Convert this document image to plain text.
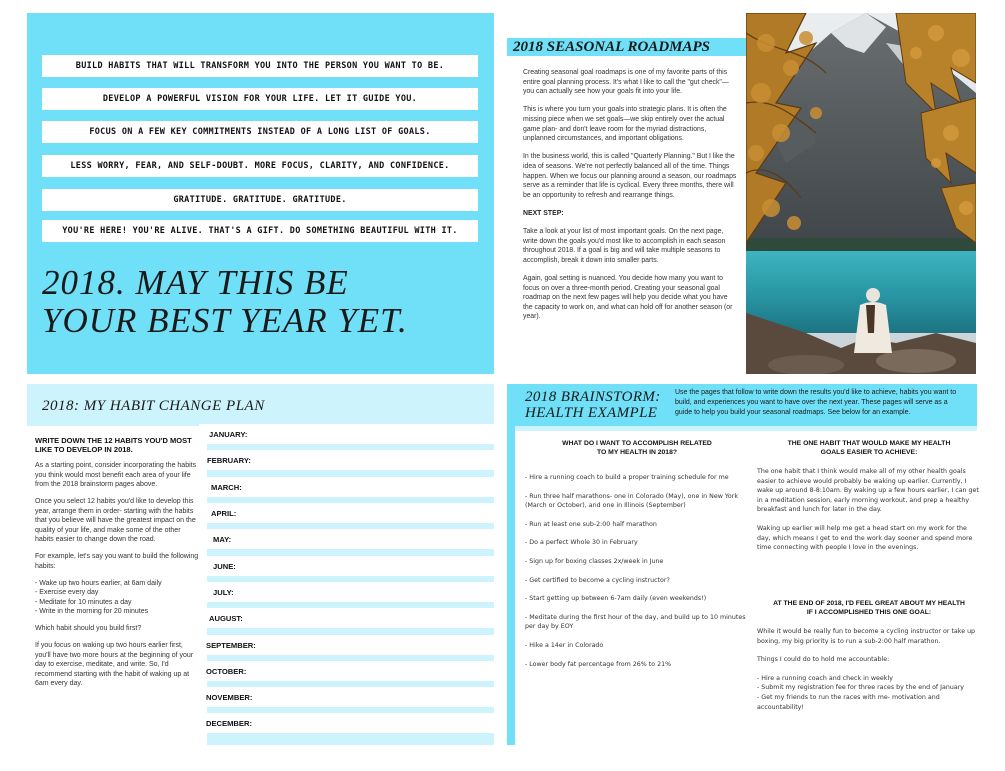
BUILD HABITS THAT WILL TRANSFORM YOU INTO THE PERSON YOU WANT TO BE.
DEVELOP A POWERFUL VISION FOR YOUR LIFE. LET IT GUIDE YOU.
FOCUS ON A FEW KEY COMMITMENTS INSTEAD OF A LONG LIST OF GOALS.
LESS WORRY, FEAR, AND SELF-DOUBT. MORE FOCUS, CLARITY, AND CONFIDENCE.
GRATITUDE. GRATITUDE. GRATITUDE.
YOU'RE HERE! YOU'RE ALIVE. THAT'S A GIFT. DO SOMETHING BEAUTIFUL WITH IT.
2018. MAY THIS BE
YOUR BEST YEAR YET.
2018 SEASONAL ROADMAPS

Creating seasonal goal roadmaps is one of my favorite parts of this entire goal planning process. It's what I like to call the "gut check"—you can actually see how your goals fit into your life.

This is where you turn your goals into strategic plans. It is often the missing piece when we set goals—we skip entirely over the actual game plan- and don't leave room for the myriad distractions, unplanned circumstances, and important obligations.

In the business world, this is called "Quarterly Planning." But I like the idea of seasons. We're not perfectly balanced all of the time. Things happen. When we focus our planning around a season, our roadmaps serve as a reminder that life is cyclical. Every three months, there will be an opportunity to refresh and rearrange things.

NEXT STEP:

Take a look at your list of most important goals. On the next page, write down the goals you'd most like to accomplish in each season throughout 2018. If a goal is big and will take multiple seasons to accomplish, break it down into smaller parts.

Again, goal setting is nuanced. You decide how many you want to focus on over a three-month period. Creating your seasonal goal roadmap on the next few pages will help you decide what you have the capacity to work on, and what can hold off for another season (or year).

2018: MY HABIT CHANGE PLAN
WRITE DOWN THE 12 HABITS YOU'D MOST LIKE TO DEVELOP IN 2018.

As a starting point, consider incorporating the habits you think would most benefit each area of your life from the 2018 brainstorm pages above.

Once you select 12 habits you'd like to develop this year, arrange them in order- starting with the habits that you believe will have the greatest impact on the quality of your life, and make some of the other habits easier to change down the road.

For example, let's say you want to build the following habits:

- Wake up two hours earlier, at 6am daily
- Exercise every day
- Meditate for 10 minutes a day
- Write in the morning for 20 minutes

Which habit should you build first?

If you focus on waking up two hours earlier first, you'll have two more hours at the beginning of your day to exercise, meditate, and write. So, I'd recommend starting with the habit of waking up at 6am every day.

JANUARY:
FEBRUARY:
MARCH:
APRIL:
MAY:
JUNE:
JULY:
AUGUST:
SEPTEMBER:
OCTOBER:
NOVEMBER:
DECEMBER:
2018 BRAINSTORM:
HEALTH EXAMPLE
Use the pages that follow to write down the results you'd like to achieve, habits you want to build, and experiences you want to have over the next year. These pages will serve as a guide to help you build your seasonal roadmaps. See below for an example.
WHAT DO I WANT TO ACCOMPLISH RELATED TO MY HEALTH IN 2018?

- Hire a running coach to build a proper training schedule for me

- Run three half marathons- one in Colorado (May), one in New York (March or October), and one in Illinois (September)

- Run at least one sub-2:00 half marathon

- Do a perfect Whole 30 in February

- Sign up for boxing classes 2x/week in June

- Get certified to become a cycling instructor?

- Start getting up between 6-7am daily (even weekends!)

- Meditate during the first hour of the day, and build up to 10 minutes per day by EOY

- Hike a 14er in Colorado

- Lower body fat percentage from 26% to 21%

THE ONE HABIT THAT WOULD MAKE MY HEALTH GOALS EASIER TO ACHIEVE:

The one habit that I think would make all of my other health goals easier to achieve would probably be waking up earlier. Currently, I wake up around 8-8:10am. By waking up a few hours earlier, I can get in a meditation session, early morning workout, and prep a healthy breakfast and lunch for later in the day.

Waking up earlier will help me get a head start on my work for the day, which means I get to end the work day sooner and spend more time connecting with people I love in the evenings.

AT THE END OF 2018, I'D FEEL GREAT ABOUT MY HEALTH IF I ACCOMPLISHED THIS ONE GOAL:

While it would be really fun to become a cycling instructor or take up boxing, my big priority is to run a sub-2:00 half marathon.

Things I could do to hold me accountable:

- Hire a running coach and check in weekly
- Submit my registration fee for three races by the end of January
- Get my friends to run the races with me- motivation and accountability!
